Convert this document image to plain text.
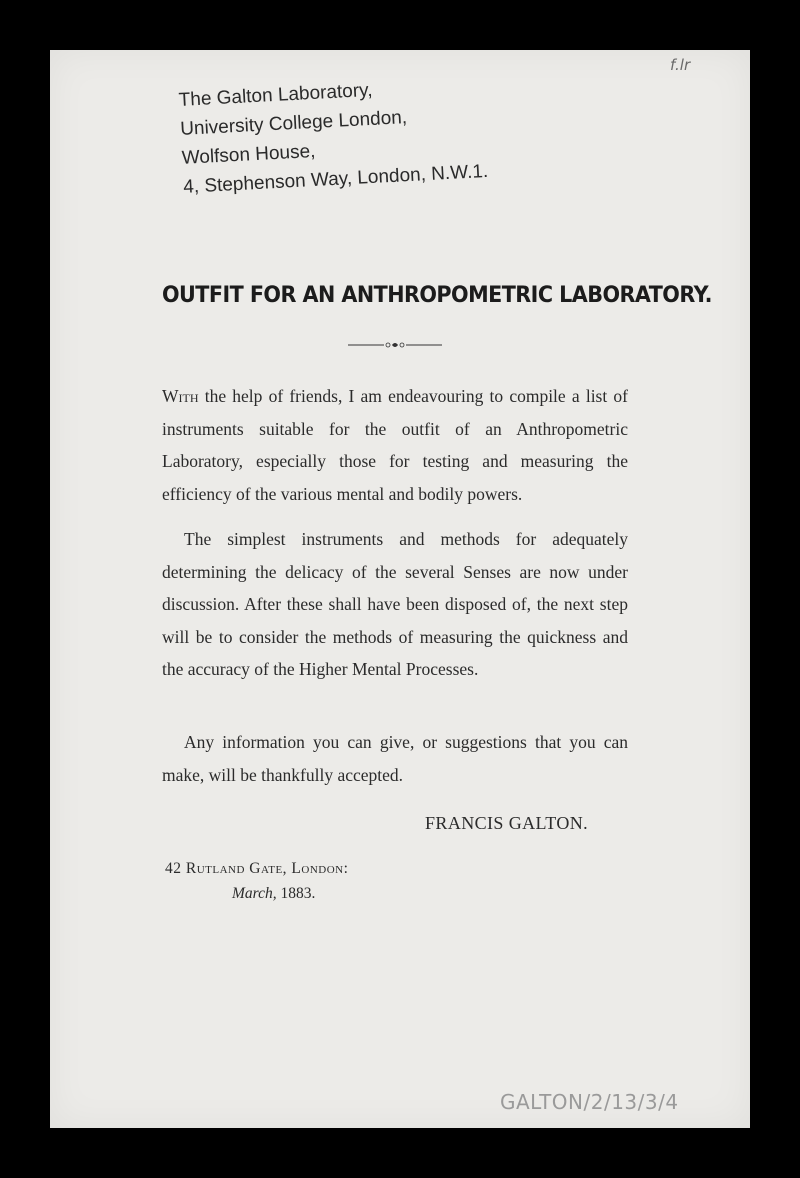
f.lr
The Galton Laboratory,
University College London,
Wolfson House,
4, Stephenson Way, London, N.W.1.
OUTFIT FOR AN ANTHROPOMETRIC LABORATORY.
With the help of friends, I am endeavouring to compile a list of instruments suitable for the outfit of an Anthropometric Laboratory, especially those for testing and measuring the efficiency of the various mental and bodily powers.
The simplest instruments and methods for adequately determining the delicacy of the several Senses are now under discussion. After these shall have been disposed of, the next step will be to consider the methods of measuring the quickness and the accuracy of the Higher Mental Processes.
Any information you can give, or suggestions that you can make, will be thankfully accepted.
FRANCIS GALTON.
42 Rutland Gate, London:
March, 1883.
GALTON/2/13/3/4
